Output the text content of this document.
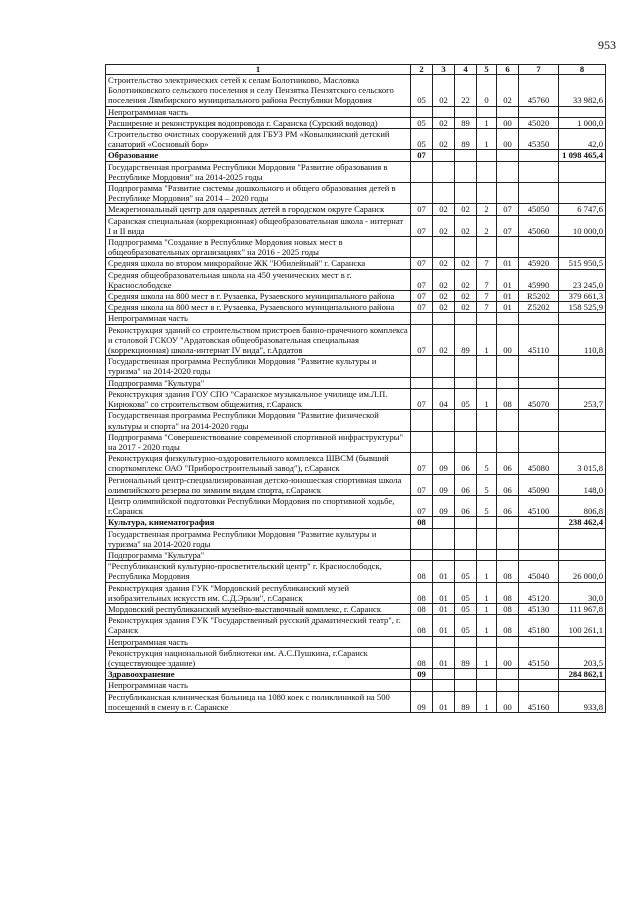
953
1	2	3	4	5	6	7	8
Строительство электрических сетей к селам Болотниково, Масловка Болотниковского сельского поселения и селу Пензятка Пензятского сельского поселения Лямбирского муниципального района Республики Мордовия	05	02	22	0	02	45760	33 982,6
Непрограммная часть							
Расширение и реконструкция водопровода г. Саранска (Сурский водовод)	05	02	89	1	00	45020	1 000,0
Строительство очистных сооружений для ГБУЗ РМ «Ковылкинский детский санаторий «Сосновый бор»	05	02	89	1	00	45350	42,0
Образование	07						1 098 465,4
Государственная программа Республики Мордовия "Развитие образования в Республике Мордовия" на 2014-2025 годы							
Подпрограмма "Развитие системы дошкольного и общего образования детей в Республике Мордовия" на 2014 – 2020 годы							
Межрегиональный центр для одаренных детей в городском округе Саранск	07	02	02	2	07	45050	6 747,6
Саранская специальная (коррекционная) общеобразовательная школа - интернат I и II вида	07	02	02	2	07	45060	10 000,0
Подпрограмма "Создание в Республике Мордовия новых мест в общеобразовательных организациях" на 2016 - 2025 годы							
Средняя школа во втором микрорайоне ЖК "Юбилейный" г. Саранска	07	02	02	7	01	45920	515 950,5
Средняя общеобразовательная школа на 450 ученических мест в г. Краснослободске	07	02	02	7	01	45990	23 245,0
Средняя школа на 800 мест в г. Рузаевка, Рузаевского муниципального района	07	02	02	7	01	R5202	379 661,3
Средняя школа на 800 мест в г. Рузаевка, Рузаевского муниципального района	07	02	02	7	01	Z5202	158 525,9
Непрограммная часть							
Реконструкция зданий со строительством пристроев банно-прачечного комплекса и столовой ГСКОУ "Ардатовская общеобразовательная специальная (коррекционная) школа-интернат IV вида", г.Ардатов	07	02	89	1	00	45110	110,8
Государственная программа Республики Мордовия "Развитие культуры и туризма" на 2014-2020 годы							
Подпрограмма "Культура"							
Реконструкция здания ГОУ СПО "Саранское музыкальное училище им.Л.П. Кирюкова" со строительством общежития, г.Саранск	07	04	05	1	08	45070	253,7
Государственная программа Республики Мордовия "Развитие физической культуры и спорта" на 2014-2020 годы							
Подпрограмма "Совершенствование современной спортивной инфраструктуры" на 2017 - 2020 годы							
Реконструкция физкультурно-оздоровительного комплекса ШВСМ (бывший спорткомплекс ОАО "Приборостроительный завод"), г.Саранск	07	09	06	5	06	45080	3 015,8
Региональный центр-специализированная детско-юношеская спортивная школа олимпийского резерва по зимним видам спорта, г.Саранск	07	09	06	5	06	45090	148,0
Центр олимпийской подготовки Республики Мордовия по спортивной ходьбе, г.Саранск	07	09	06	5	06	45100	806,8
Культура, кинематография	08						238 462,4
Государственная программа Республики Мордовия "Развитие культуры и туризма" на 2014-2020 годы							
Подпрограмма "Культура"							
"Республиканский культурно-просветительский центр" г. Краснослободск, Республика Мордовия	08	01	05	1	08	45040	26 000,0
Реконструкция здания ГУК "Мордовский республиканский музей изобразительных искусств им. С.Д.Эрьзи", г.Саранск	08	01	05	1	08	45120	30,0
Мордовский республиканский музейно-выставочный комплекс, г. Саранск	08	01	05	1	08	45130	111 967,8
Реконструкция здания ГУК "Государственный русский драматический театр", г. Саранск	08	01	05	1	08	45180	100 261,1
Непрограммная часть							
Реконструкция национальной библиотеки им. А.С.Пушкина, г.Саранск (существующее здание)	08	01	89	1	00	45150	203,5
Здравоохранение	09						284 862,1
Непрограммная часть							
Республиканская клиническая больница на 1080 коек с поликлиникой на 500 посещений в смену в г. Саранске	09	01	89	1	00	45160	933,8
